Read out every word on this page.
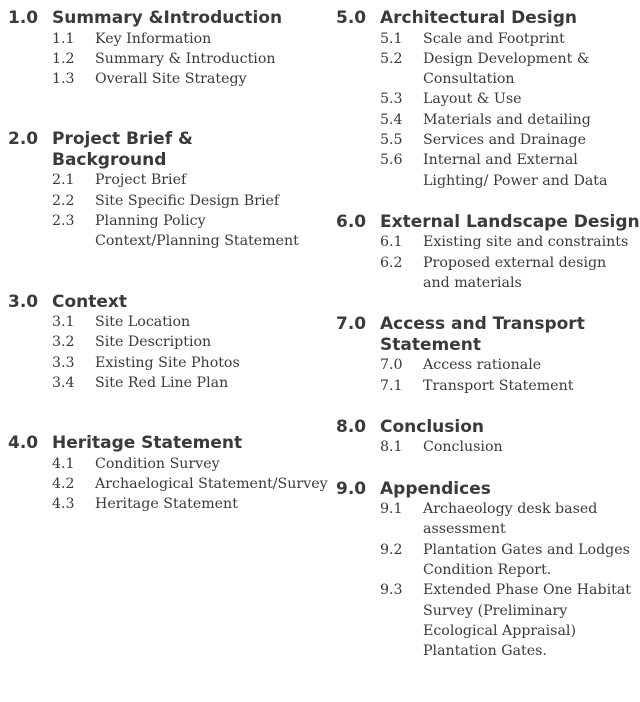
1.0 Summary &Introduction
1.1	Key Information
1.2	Summary & Introduction
1.3	Overall Site Strategy
2.0 Project Brief & Background
2.1	Project Brief
2.2	Site Specific Design Brief
2.3	Planning Policy Context/Planning Statement
3.0 Context
3.1	Site Location
3.2	Site Description
3.3	Existing Site Photos
3.4	Site Red Line Plan
4.0 Heritage Statement
4.1	Condition Survey
4.2	Archaelogical Statement/Survey
4.3	Heritage Statement
5.0 Architectural Design
5.1	Scale and Footprint
5.2	Design Development & Consultation
5.3	Layout & Use
5.4	Materials and detailing
5.5	Services and Drainage
5.6	Internal and External Lighting/ Power and Data
6.0 External Landscape Design
6.1	Existing site and constraints
6.2	Proposed external design and materials
7.0 Access and Transport Statement
7.0	Access rationale
7.1	Transport Statement
8.0 Conclusion
8.1	Conclusion
9.0 Appendices
9.1	Archaeology desk based assessment
9.2	Plantation Gates and Lodges Condition Report.
9.3	Extended Phase One Habitat Survey (Preliminary Ecological Appraisal) Plantation Gates.
